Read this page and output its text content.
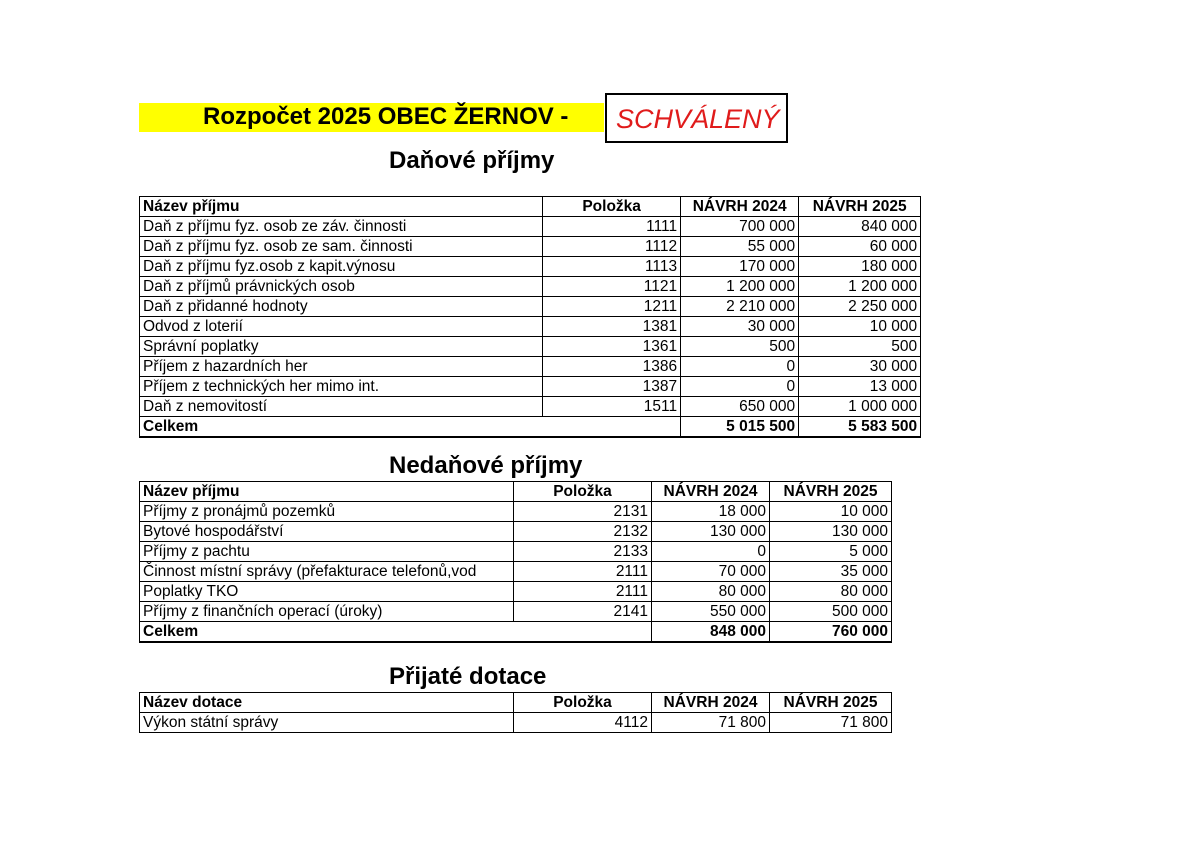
Rozpočet 2025 OBEC ŽERNOV - SCHVÁLENÝ
Daňové příjmy
Název příjmu		Položka	NÁVRH 2024	NÁVRH 2025
Daň z příjmu fyz. osob ze záv. činnosti		1111	700 000	840 000
Daň z příjmu fyz. osob ze sam. činnosti		1112	55 000	60 000
Daň z příjmu fyz.osob z kapit.výnosu		1113	170 000	180 000
Daň z příjmů právnických osob		1121	1 200 000	1 200 000
Daň z přidanné hodnoty		1211	2 210 000	2 250 000
Odvod z loterií		1381	30 000	10 000
Správní poplatky		1361	500	500
Příjem z hazardních her		1386	0	30 000
Příjem z technických her mimo int.		1387	0	13 000
Daň z nemovitostí		1511	650 000	1 000 000
Celkem			5 015 500	5 583 500
Nedaňové příjmy
Název příjmu		Položka	NÁVRH 2024	NÁVRH 2025
Příjmy z pronájmů pozemků		2131	18 000	10 000
Bytové hospodářství		2132	130 000	130 000
Příjmy z pachtu		2133	0	5 000
Činnost místní správy (přefakturace telefonů,vod		2111	70 000	35 000
Poplatky TKO		2111	80 000	80 000
Příjmy z finančních operací (úroky)		2141	550 000	500 000
Celkem			848 000	760 000
Přijaté dotace
Název dotace		Položka	NÁVRH 2024	NÁVRH 2025
Výkon státní správy		4112	71 800	71 800
